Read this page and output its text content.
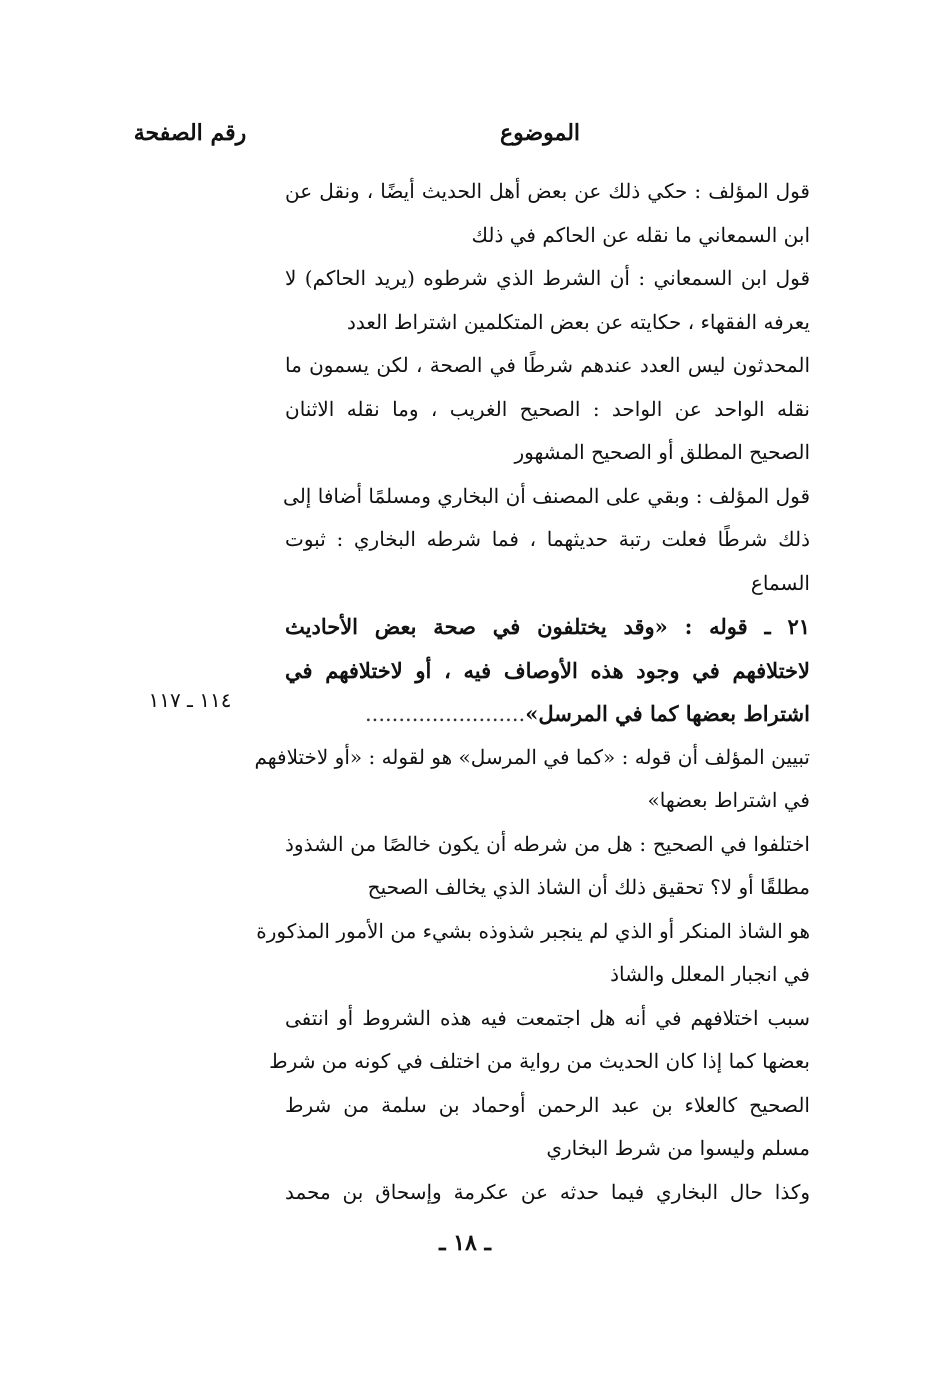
الموضوع
رقم الصفحة
قول المؤلف : حكي ذلك عن بعض أهل الحديث أيضًا ، ونقل عن
ابن السمعاني ما نقله عن الحاكم في ذلك
قول ابن السمعاني : أن الشرط الذي شرطوه (يريد الحاكم) لا
يعرفه الفقهاء ، حكايته عن بعض المتكلمين اشتراط العدد
المحدثون ليس العدد عندهم شرطًا في الصحة ، لكن يسمون ما
نقله الواحد عن الواحد : الصحيح الغريب ، وما نقله الاثنان
الصحيح المطلق أو الصحيح المشهور
قول المؤلف : وبقي على المصنف أن البخاري ومسلمًا أضافا إلى
ذلك شرطًا فعلت رتبة حديثهما ، فما شرطه البخاري : ثبوت
السماع
٢١ ـ قوله : «وقد يختلفون في صحة بعض الأحاديث
لاختلافهم في وجود هذه الأوصاف فيه ، أو لاختلافهم في
اشتراط بعضها كما في المرسل»........................
تبيين المؤلف أن قوله : «كما في المرسل» هو لقوله : «أو لاختلافهم
في اشتراط بعضها»
اختلفوا في الصحيح : هل من شرطه أن يكون خالصًا من الشذوذ
مطلقًا أو لا؟ تحقيق ذلك أن الشاذ الذي يخالف الصحيح
هو الشاذ المنكر أو الذي لم ينجبر شذوذه بشيء من الأمور المذكورة
في انجبار المعلل والشاذ
سبب اختلافهم في أنه هل اجتمعت فيه هذه الشروط أو انتفى
بعضها كما إذا كان الحديث من رواية من اختلف في كونه من شرط
الصحيح كالعلاء بن عبد الرحمن أوحماد بن سلمة من شرط
مسلم وليسوا من شرط البخاري
وكذا حال البخاري فيما حدثه عن عكرمة وإسحاق بن محمد
١١٤ ـ ١١٧
ـ ١٨ ـ
